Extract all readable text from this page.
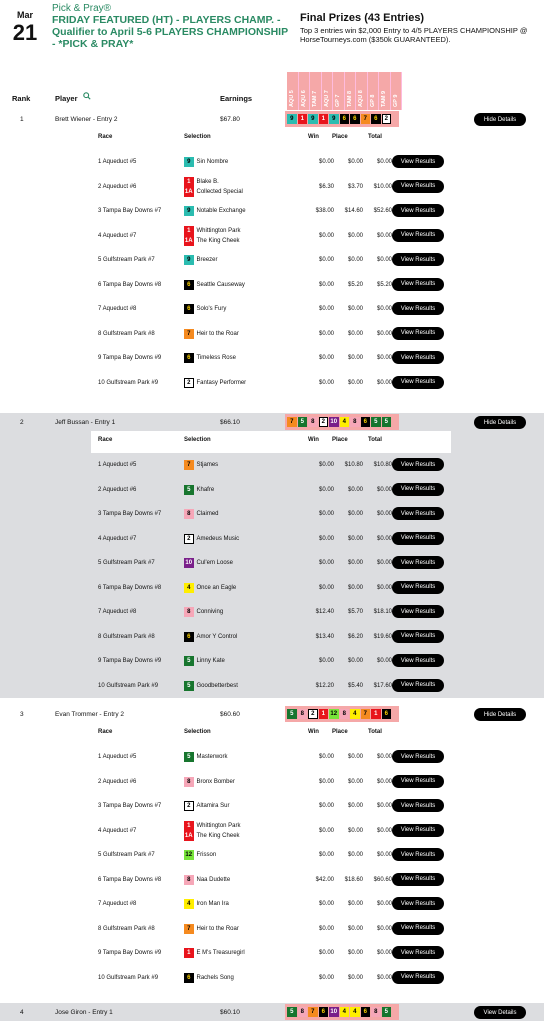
Mar
21
Pick & Pray®
FRIDAY FEATURED (HT) - PLAYERS CHAMP. - Qualifier to April 5-6 PLAYERS CHAMPIONSHIP - *PICK & PRAY*
Final Prizes (43 Entries)
Top 3 entries win $2,000 Entry to 4/5 PLAYERS CHAMPIONSHIP @ HorseTourneys.com ($350k GUARANTEED).
Rank	Player	Earnings	AQU 5 AQU 6 TAM 7 AQU 7 GP 7 TAM 8 AQU 8 GP 8 TAM 9 GP 9
1	Brett Wiener - Entry 2	$67.80	9	1	9	1	9	6	6	7	6	2	Hide Details
Race	Selection	Win Place	Total
1 Aqueduct #5	9	Sin Nombre	$0.00 $0.00 $0.00	View Results
2 Aqueduct #6
1	Blake B.
1A Collected Special
$6.30 $3.70 $10.00	View Results
3 Tampa Bay Downs #7	9	Notable Exchange	$38.00 $14.60 $52.60	View Results
4 Aqueduct #7
1	Whittington Park
1A The King Cheek
$0.00 $0.00 $0.00	View Results
5 Gulfstream Park #7	9	Breezer	$0.00 $0.00 $0.00	View Results
6 Tampa Bay Downs #8	6	Seattle Causeway	$0.00 $5.20 $5.20	View Results
7 Aqueduct #8	6	Solo's Fury	$0.00 $0.00 $0.00	View Results
8 Gulfstream Park #8	7	Heir to the Roar	$0.00 $0.00 $0.00	View Results
9 Tampa Bay Downs #9	6	Timeless Rose	$0.00 $0.00 $0.00	View Results
10 Gulfstream Park #9	2	Fantasy Performer	$0.00 $0.00 $0.00	View Results
2	Jeff Bussan - Entry 1	$66.10	7	5	8	2 10 4	8	6	5	5	Hide Details
Race	Selection	Win Place	Total
1 Aqueduct #5	7	Stjames	$0.00 $10.80 $10.80	View Results
2 Aqueduct #6	5	Khafre	$0.00 $0.00 $0.00	View Results
3 Tampa Bay Downs #7	8	Claimed	$0.00 $0.00 $0.00	View Results
4 Aqueduct #7	2	Amedeus Music	$0.00 $0.00 $0.00	View Results
5 Gulfstream Park #7	10 Cul'em Loose	$0.00 $0.00 $0.00	View Results
6 Tampa Bay Downs #8	4	Once an Eagle	$0.00 $0.00 $0.00	View Results
7 Aqueduct #8	8	Conniving	$12.40 $5.70 $18.10	View Results
8 Gulfstream Park #8	6	Amor Y Control	$13.40 $6.20 $19.60	View Results
9 Tampa Bay Downs #9	5	Linny Kate	$0.00 $0.00 $0.00	View Results
10 Gulfstream Park #9	5	Goodbetterbest	$12.20 $5.40 $17.60	View Results
3	Evan Trommer - Entry 2	$60.60	5	8	2	1 12 8	4	7	1	6	Hide Details
Race	Selection	Win Place	Total
1 Aqueduct #5	5	Masterwork	$0.00 $0.00 $0.00	View Results
2 Aqueduct #6	8	Bronx Bomber	$0.00 $0.00 $0.00	View Results
3 Tampa Bay Downs #7	2	Altamira Sur	$0.00 $0.00 $0.00	View Results
4 Aqueduct #7
1	Whittington Park
1A The King Cheek
$0.00 $0.00 $0.00	View Results
5 Gulfstream Park #7	12 Frisson	$0.00 $0.00 $0.00	View Results
6 Tampa Bay Downs #8	8	Naa Dudette	$42.00 $18.60 $60.60	View Results
7 Aqueduct #8	4	Iron Man Ira	$0.00 $0.00 $0.00	View Results
8 Gulfstream Park #8	7	Heir to the Roar	$0.00 $0.00 $0.00	View Results
9 Tampa Bay Downs #9	1	E M's Treasuregirl	$0.00 $0.00 $0.00	View Results
10 Gulfstream Park #9	6	Rachels Song	$0.00 $0.00 $0.00	View Results
4	Jose Giron - Entry 1	$60.10	5	8	7	6 10 4	4	6	8	5	View Details
